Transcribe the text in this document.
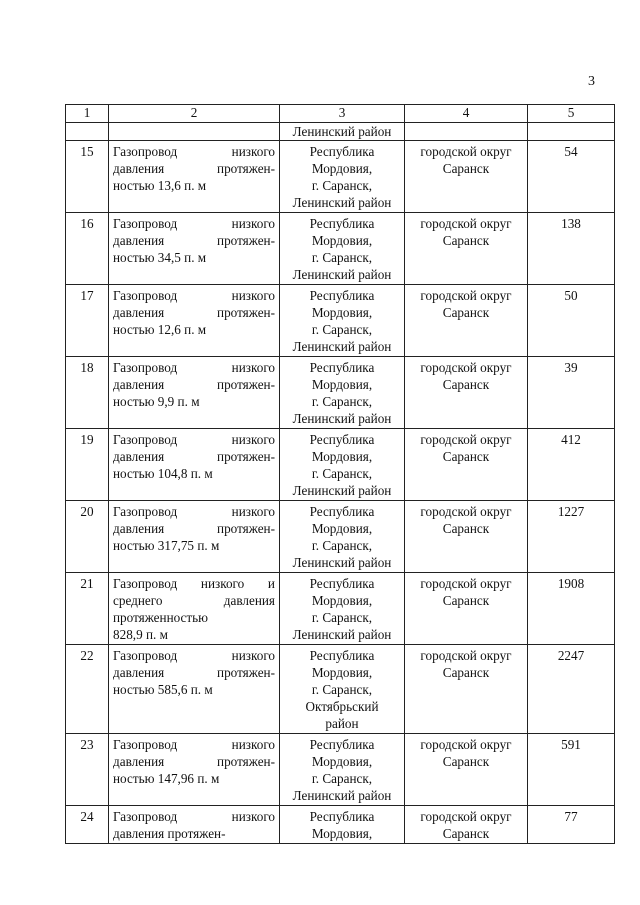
3
1	2	3	4	5
		Ленинский район		
15	Газопровод низкого
давления протяжен-
ностью 13,6 п. м	Республика
Мордовия,
г. Саранск,
Ленинский район	городской округ
Саранск	54
16	Газопровод низкого
давления протяжен-
ностью 34,5 п. м	Республика
Мордовия,
г. Саранск,
Ленинский район	городской округ
Саранск	138
17	Газопровод низкого
давления протяжен-
ностью 12,6 п. м	Республика
Мордовия,
г. Саранск,
Ленинский район	городской округ
Саранск	50
18	Газопровод низкого
давления протяжен-
ностью 9,9 п. м	Республика
Мордовия,
г. Саранск,
Ленинский район	городской округ
Саранск	39
19	Газопровод низкого
давления протяжен-
ностью 104,8 п. м	Республика
Мордовия,
г. Саранск,
Ленинский район	городской округ
Саранск	412
20	Газопровод низкого
давления протяжен-
ностью 317,75 п. м	Республика
Мордовия,
г. Саранск,
Ленинский район	городской округ
Саранск	1227
21	Газопровод низкого и
среднего давления
протяженностью
828,9 п. м	Республика
Мордовия,
г. Саранск,
Ленинский район	городской округ
Саранск	1908
22	Газопровод низкого
давления протяжен-
ностью 585,6 п. м	Республика
Мордовия,
г. Саранск,
Октябрьский
район	городской округ
Саранск	2247
23	Газопровод низкого
давления протяжен-
ностью 147,96 п. м	Республика
Мордовия,
г. Саранск,
Ленинский район	городской округ
Саранск	591
24	Газопровод низкого
давления протяжен-	Республика
Мордовия,	городской округ
Саранск	77
